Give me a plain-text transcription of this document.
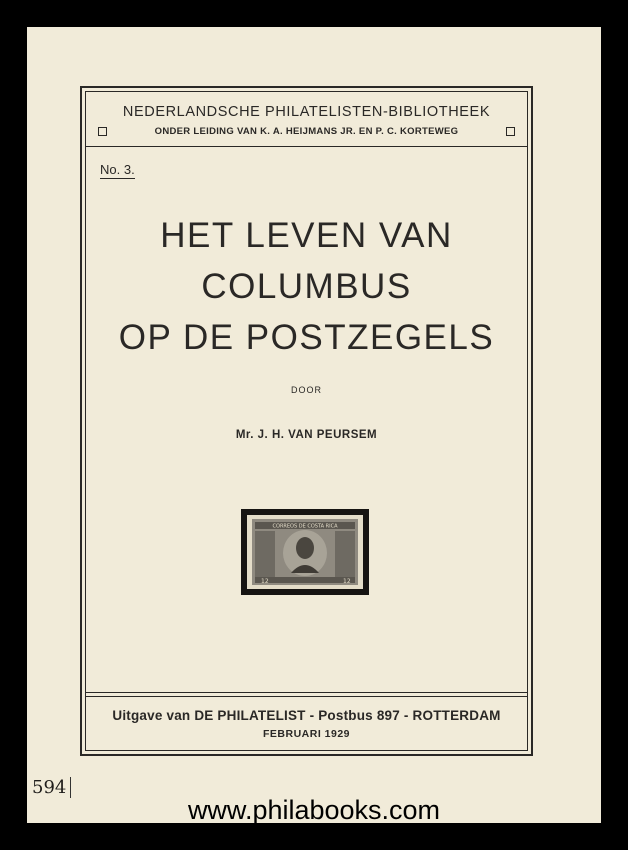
NEDERLANDSCHE PHILATELISTEN-BIBLIOTHEEK
ONDER LEIDING VAN K. A. HEIJMANS JR. EN P. C. KORTEWEG
No. 3.
HET LEVEN VAN
COLUMBUS
OP DE POSTZEGELS
DOOR
Mr. J. H. VAN PEURSEM
CORREOS DE COSTA RICA
12	12
Uitgave van DE PHILATELIST - Postbus 897 - ROTTERDAM
FEBRUARI 1929
594
www.philabooks.com
